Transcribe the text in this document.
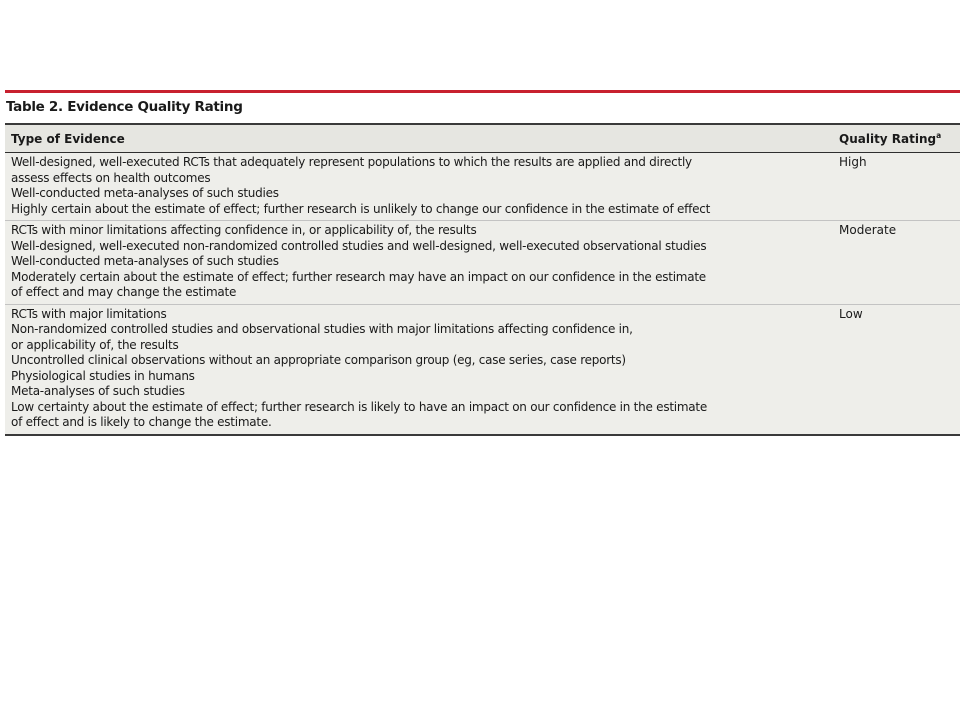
Table 2. Evidence Quality Rating
Type of Evidence	Quality Rating$^a$
Well-designed, well-executed RCTs that adequately represent populations to which the results are applied and directly
assess effects on health outcomes
Well-conducted meta-analyses of such studies
Highly certain about the estimate of effect; further research is unlikely to change our confidence in the estimate of effect
High
RCTs with minor limitations affecting confidence in, or applicability of, the results
Well-designed, well-executed non-randomized controlled studies and well-designed, well-executed observational studies
Well-conducted meta-analyses of such studies
Moderately certain about the estimate of effect; further research may have an impact on our confidence in the estimate
of effect and may change the estimate
Moderate
RCTs with major limitations
Non-randomized controlled studies and observational studies with major limitations affecting confidence in,
or applicability of, the results
Uncontrolled clinical observations without an appropriate comparison group (eg, case series, case reports)
Physiological studies in humans
Meta-analyses of such studies
Low certainty about the estimate of effect; further research is likely to have an impact on our confidence in the estimate
of effect and is likely to change the estimate.
Low
